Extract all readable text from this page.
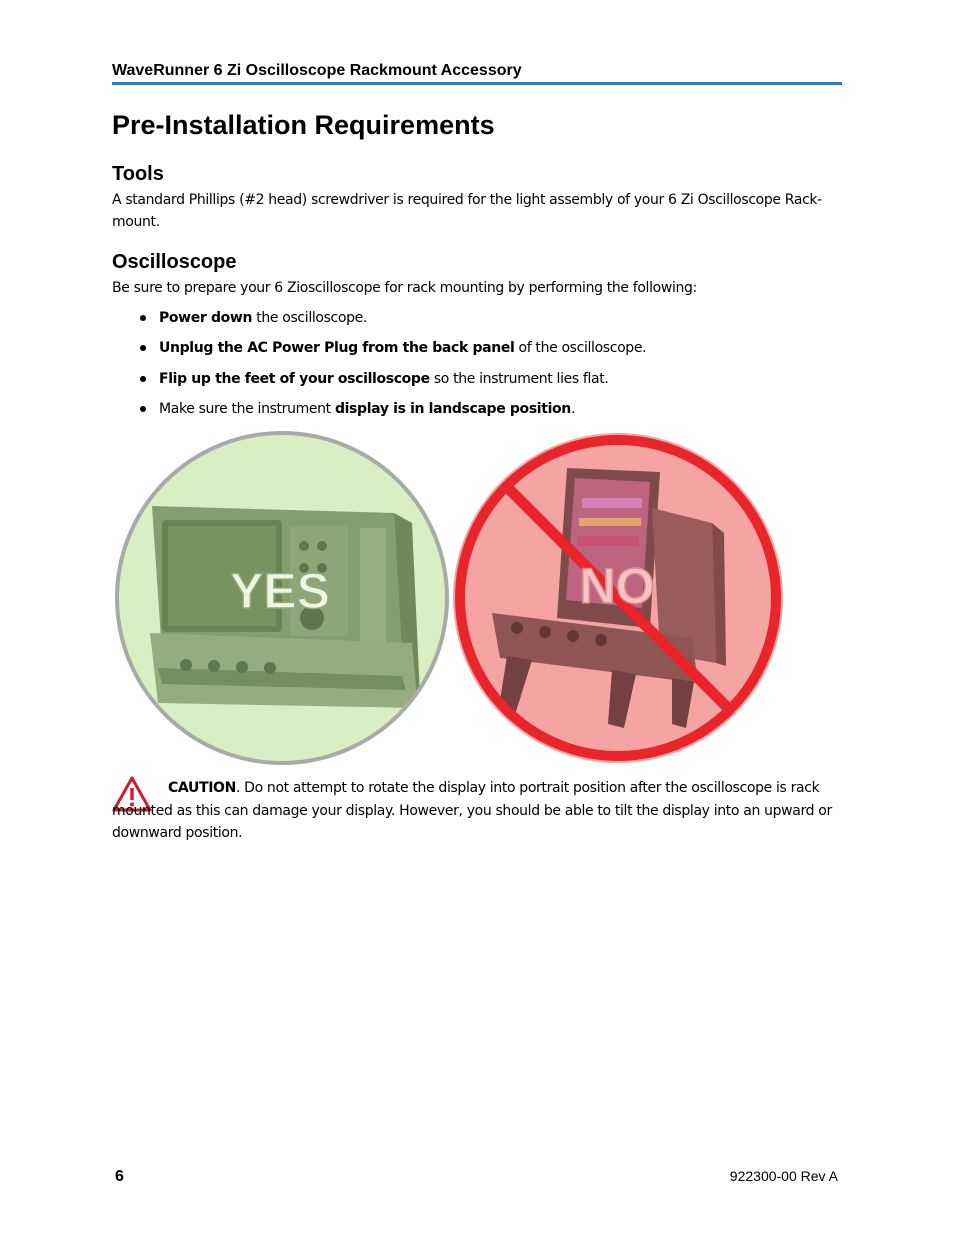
WaveRunner 6 Zi Oscilloscope Rackmount Accessory
Pre-Installation Requirements
Tools

A standard Phillips (#2 head) screwdriver is required for the light assembly of your 6 Zi Oscilloscope Rack-mount.

Oscilloscope

Be sure to prepare your 6 Zioscilloscope for rack mounting by performing the following:

Power down the oscilloscope.
Unplug the AC Power Plug from the back panel of the oscilloscope.
Flip up the feet of your oscilloscope so the instrument lies flat.
Make sure the instrument display is in landscape position.
YES	NO

CAUTION. Do not attempt to rotate the display into portrait position after the oscilloscope is rack mounted as this can damage your display. However, you should be able to tilt the display into an upward or downward position.

6	922300-00 Rev A
